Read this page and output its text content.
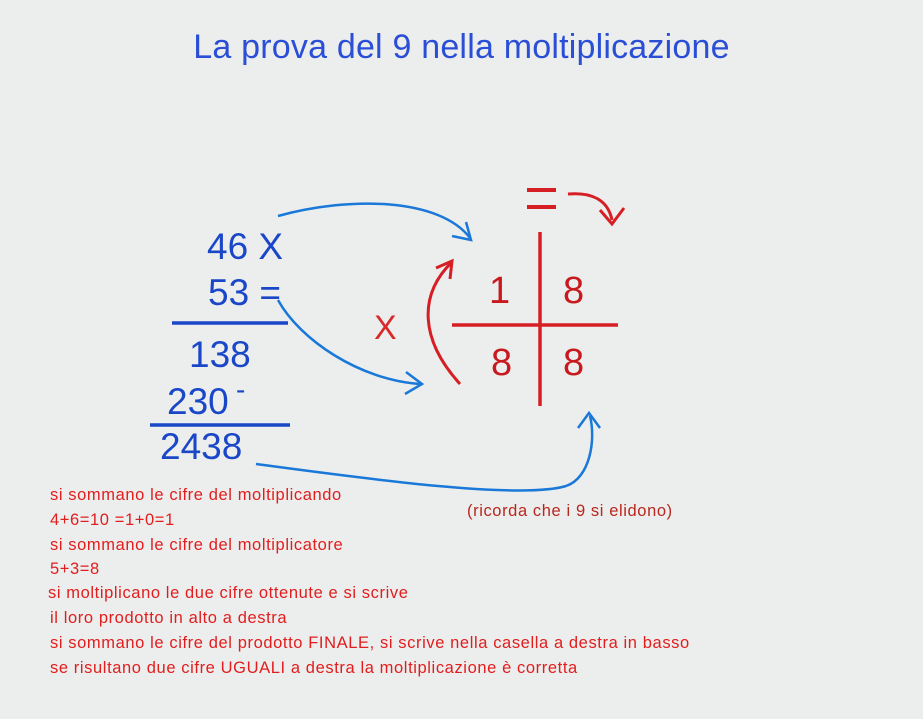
La prova del 9 nella moltiplicazione
46 X
53 =
138
230 -
2438
X
1 8
8 8
(ricorda che i 9 si elidono)
si sommano le cifre del moltiplicando
4+6=10 =1+0=1
si sommano le cifre del moltiplicatore
5+3=8
si moltiplicano le due cifre ottenute e si scrive
il loro prodotto in alto a destra
si sommano le cifre del prodotto FINALE, si scrive nella casella a destra in basso
se risultano due cifre UGUALI a destra la moltiplicazione è corretta
